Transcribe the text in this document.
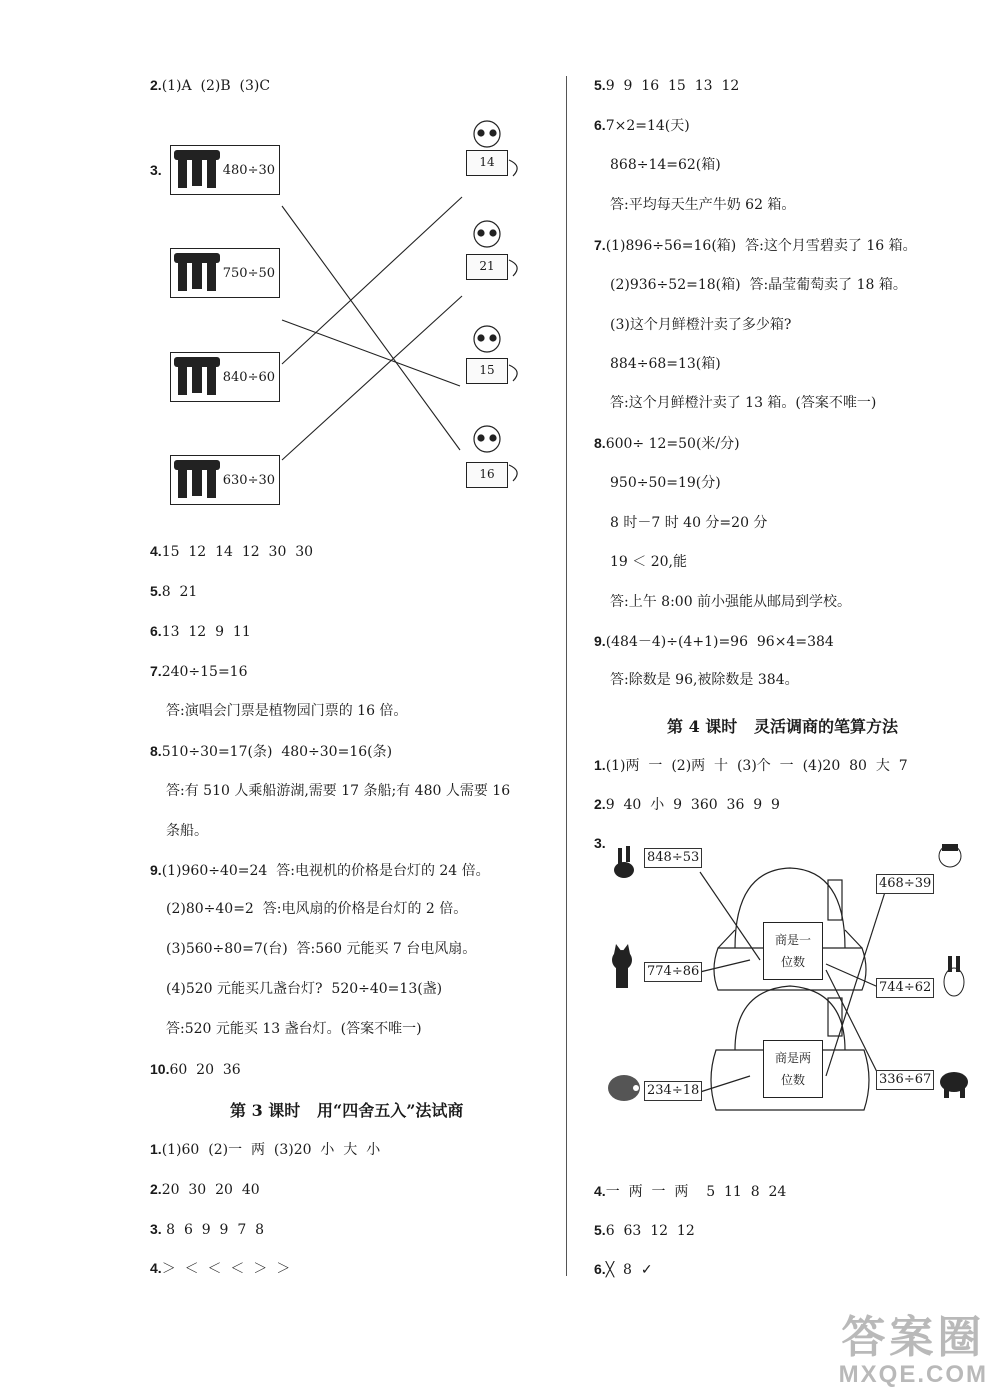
2.(1)A  (2)B  (3)C
3.	480÷30
750÷50
840÷60
630÷30
14
21
15
16
4.15  12  14  12  30  30
5.8  21
6.13  12  9  11
7.240÷15=16
答:演唱会门票是植物园门票的 16 倍。
8.510÷30=17(条)  480÷30=16(条)
答:有 510 人乘船游湖,需要 17 条船;有 480 人需要 16
条船。
9.(1)960÷40=24  答:电视机的价格是台灯的 24 倍。
(2)80÷40=2  答:电风扇的价格是台灯的 2 倍。
(3)560÷80=7(台)  答:560 元能买 7 台电风扇。
(4)520 元能买几盏台灯?  520÷40=13(盏)
答:520 元能买 13 盏台灯。(答案不唯一)
10.60  20  36
第 3 课时   用“四舍五入”法试商
1.(1)60  (2)一  两  (3)20  小  大  小
2.20  30  20  40
3. 8  6  9  9  7  8
4.＞  ＜  ＜  ＜  ＞  ＞
5.9  9  16  15  13  12
6.7×2=14(天)
868÷14=62(箱)
答:平均每天生产牛奶 62 箱。
7.(1)896÷56=16(箱)  答:这个月雪碧卖了 16 箱。
(2)936÷52=18(箱)  答:晶莹葡萄卖了 18 箱。
(3)这个月鲜橙汁卖了多少箱?
884÷68=13(箱)
答:这个月鲜橙汁卖了 13 箱。(答案不唯一)
8.600÷ 12=50(米/分)
950÷50=19(分)
8 时－7 时 40 分=20 分
19 ＜ 20,能
答:上午 8:00 前小强能从邮局到学校。
9.(484－4)÷(4+1)=96  96×4=384
答:除数是 96,被除数是 384。
第 4 课时   灵活调商的笔算方法
1.(1)两  一  (2)两  十  (3)个  一  (4)20  80  大  7
2.9  40  小  9  360  36  9  9
3.
848÷53
774÷86
234÷18
468÷39
744÷62
336÷67
商是一
位数
商是两
位数
4.一  两  一  两    5  11  8  24
5.6  63  12  12
6.╳  8  ✓
答案圈
MXQE.COM
